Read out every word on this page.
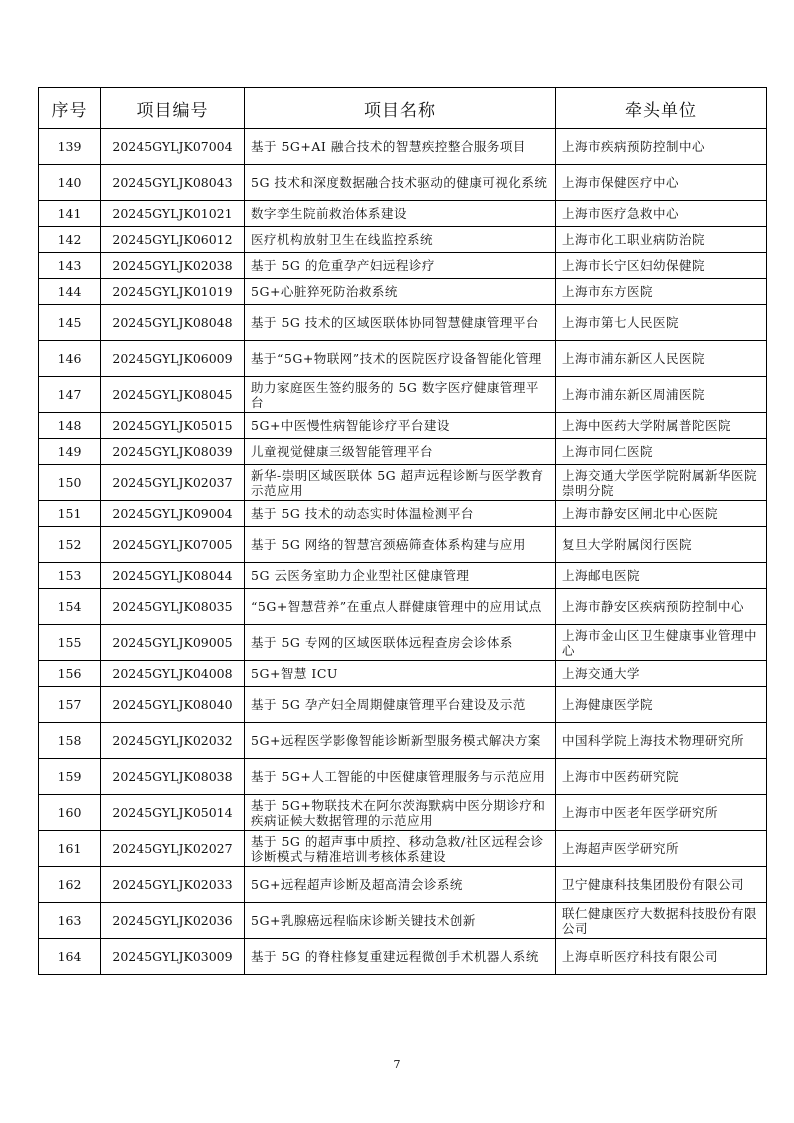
序号	项目编号	项目名称	牵头单位
139	20245GYLJK07004	基于 5G+AI 融合技术的智慧疾控整合服务项目	上海市疾病预防控制中心
140	20245GYLJK08043	5G 技术和深度数据融合技术驱动的健康可视化系统	上海市保健医疗中心
141	20245GYLJK01021	数字孪生院前救治体系建设	上海市医疗急救中心
142	20245GYLJK06012	医疗机构放射卫生在线监控系统	上海市化工职业病防治院
143	20245GYLJK02038	基于 5G 的危重孕产妇远程诊疗	上海市长宁区妇幼保健院
144	20245GYLJK01019	5G+心脏猝死防治救系统	上海市东方医院
145	20245GYLJK08048	基于 5G 技术的区域医联体协同智慧健康管理平台	上海市第七人民医院
146	20245GYLJK06009	基于“5G+物联网”技术的医院医疗设备智能化管理	上海市浦东新区人民医院
147	20245GYLJK08045	助力家庭医生签约服务的 5G 数字医疗健康管理平台	上海市浦东新区周浦医院
148	20245GYLJK05015	5G+中医慢性病智能诊疗平台建设	上海中医药大学附属普陀医院
149	20245GYLJK08039	儿童视觉健康三级智能管理平台	上海市同仁医院
150	20245GYLJK02037	新华-崇明区域医联体 5G 超声远程诊断与医学教育示范应用	上海交通大学医学院附属新华医院崇明分院
151	20245GYLJK09004	基于 5G 技术的动态实时体温检测平台	上海市静安区闸北中心医院
152	20245GYLJK07005	基于 5G 网络的智慧宫颈癌筛查体系构建与应用	复旦大学附属闵行医院
153	20245GYLJK08044	5G 云医务室助力企业型社区健康管理	上海邮电医院
154	20245GYLJK08035	“5G+智慧营养”在重点人群健康管理中的应用试点	上海市静安区疾病预防控制中心
155	20245GYLJK09005	基于 5G 专网的区域医联体远程查房会诊体系	上海市金山区卫生健康事业管理中心
156	20245GYLJK04008	5G+智慧 ICU	上海交通大学
157	20245GYLJK08040	基于 5G 孕产妇全周期健康管理平台建设及示范	上海健康医学院
158	20245GYLJK02032	5G+远程医学影像智能诊断新型服务模式解决方案	中国科学院上海技术物理研究所
159	20245GYLJK08038	基于 5G+人工智能的中医健康管理服务与示范应用	上海市中医药研究院
160	20245GYLJK05014	基于 5G+物联技术在阿尔茨海默病中医分期诊疗和疾病证候大数据管理的示范应用	上海市中医老年医学研究所
161	20245GYLJK02027	基于 5G 的超声事中质控、移动急救/社区远程会诊诊断模式与精准培训考核体系建设	上海超声医学研究所
162	20245GYLJK02033	5G+远程超声诊断及超高清会诊系统	卫宁健康科技集团股份有限公司
163	20245GYLJK02036	5G+乳腺癌远程临床诊断关键技术创新	联仁健康医疗大数据科技股份有限公司
164	20245GYLJK03009	基于 5G 的脊柱修复重建远程微创手术机器人系统	上海卓昕医疗科技有限公司
7
